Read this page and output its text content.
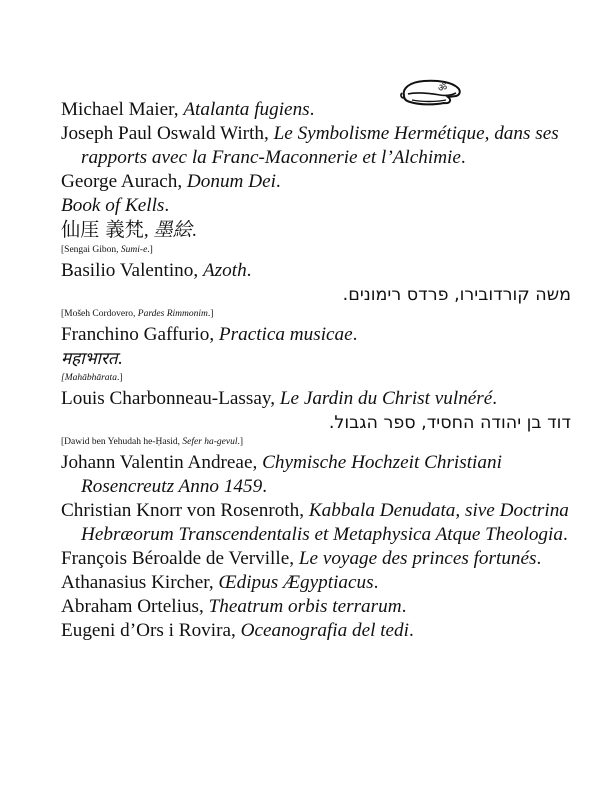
ॐ

Michael Maier, Atalanta fugiens.

Joseph Paul Oswald Wirth, Le Symbolisme Hermétique, dans ses rapports avec la Franc-Maconnerie et l’Alchimie.

George Aurach, Donum Dei.

Book of Kells.

仙厓 義梵, 墨絵.

[Sengai Gibon, Sumi-e.]

Basilio Valentino, Azoth.

משה קורדובירו, פרדס רימונים.

[Mošeh Cordovero, Pardes Rimmonim.]

Franchino Gaffurio, Practica musicae.

महाभारत.

[Mahābhārata.]

Louis Charbonneau-Lassay, Le Jardin du Christ vulnéré.

דוד בן יהודה החסיד, ספר הגבול.

[Dawid ben Yehudah he-Ḥasid, Sefer ha-gevul.]

Johann Valentin Andreae, Chymische Hochzeit Christiani Rosencreutz Anno 1459.

Christian Knorr von Rosenroth, Kabbala Denudata, sive Doctrina Hebræorum Transcendentalis et Metaphysica Atque Theologia.

François Béroalde de Verville, Le voyage des princes fortunés.

Athanasius Kircher, Œdipus Ægyptiacus.

Abraham Ortelius, Theatrum orbis terrarum.

Eugeni d’Ors i Rovira, Oceanografia del tedi.
